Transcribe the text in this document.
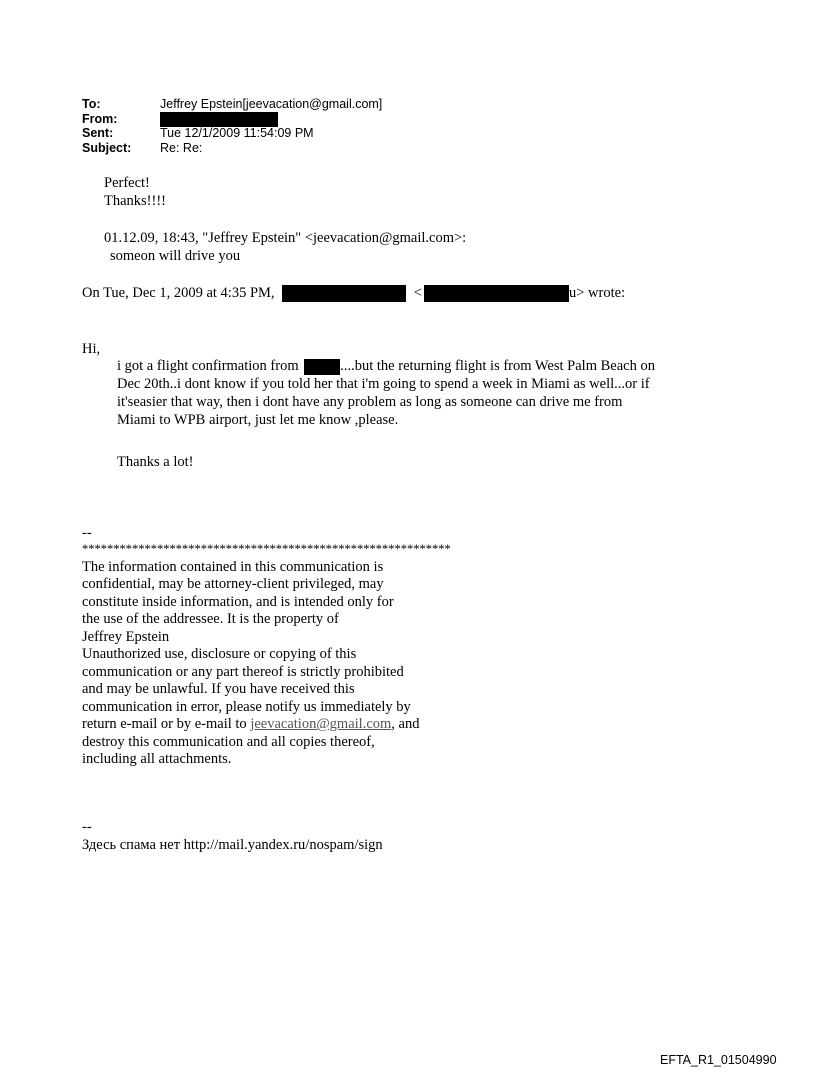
To:	Jeffrey Epstein[jeevacation@gmail.com]
From:
Sent:	Tue 12/1/2009 11:54:09 PM
Subject:	Re: Re:
Perfect!
Thanks!!!!
01.12.09, 18:43, "Jeffrey Epstein" <jeevacation@gmail.com>:
someon will drive you
On Tue, Dec 1, 2009 at 4:35 PM,	<	u> wrote:
Hi,
i got a flight confirmation from	....but the returning flight is from West Palm Beach on
Dec 20th..i dont know if you told her that i'm going to spend a week in Miami as well...or if
it'seasier that way, then i dont have any problem as long as someone can drive me from
Miami to WPB airport, just let me know ,please.
Thanks a lot!
--
***********************************************************
The information contained in this communication is
confidential, may be attorney-client privileged, may
constitute inside information, and is intended only for
the use of the addressee. It is the property of
Jeffrey Epstein
Unauthorized use, disclosure or copying of this
communication or any part thereof is strictly prohibited
and may be unlawful. If you have received this
communication in error, please notify us immediately by
return e-mail or by e-mail to jeevacation@gmail.com, and
destroy this communication and all copies thereof,
including all attachments.
--
Здесь спама нет http://mail.yandex.ru/nospam/sign
EFTA_R1_01504990
